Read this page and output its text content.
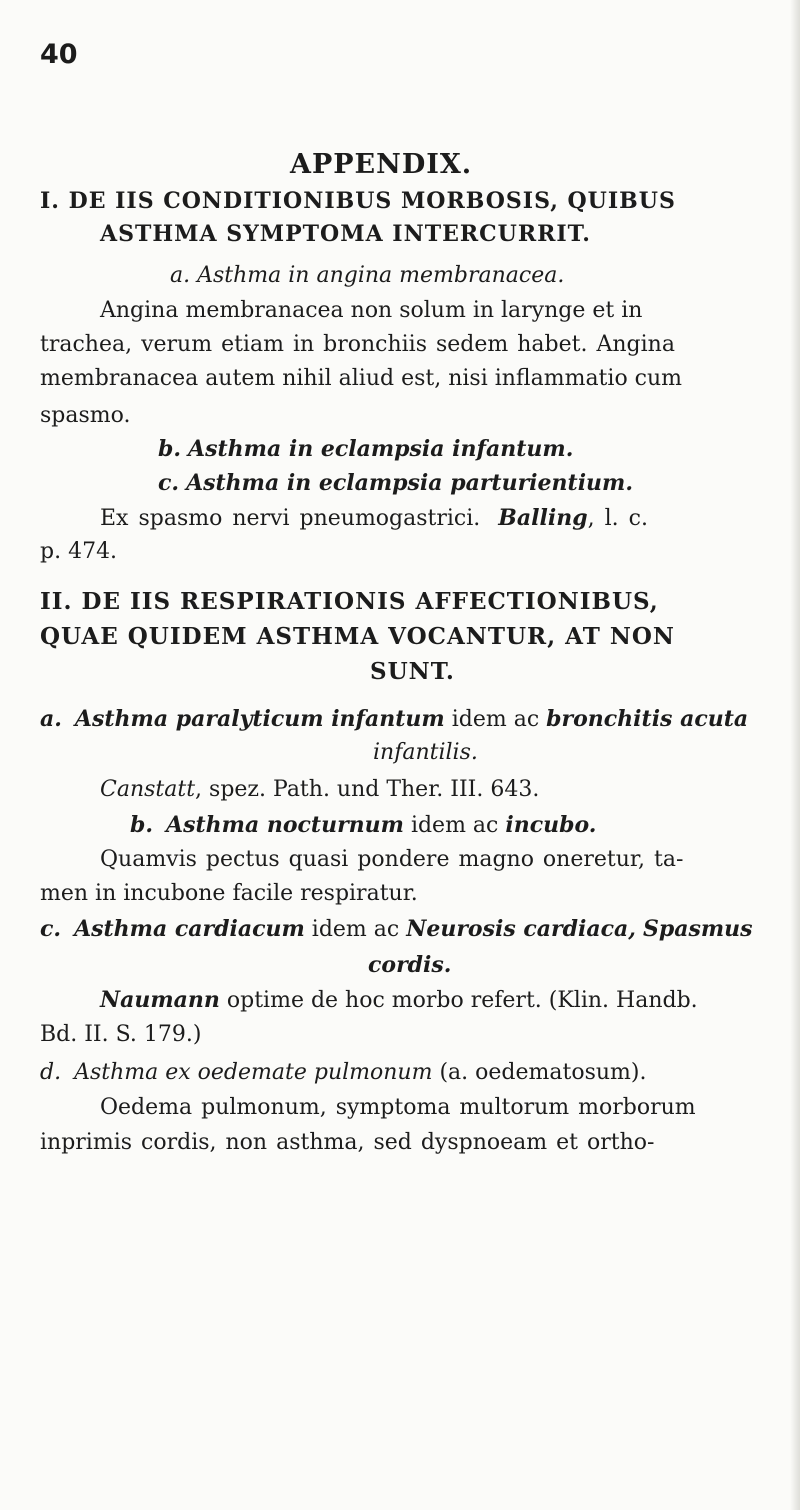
40
APPENDIX.
I. DE IIS CONDITIONIBUS MORBOSIS, QUIBUS
ASTHMA SYMPTOMA INTERCURRIT.
a. Asthma in angina membranacea.
Angina membranacea non solum in larynge et in
trachea, verum etiam in bronchiis sedem habet. Angina
membranacea autem nihil aliud est, nisi inflammatio cum
spasmo.
b. Asthma in eclampsia infantum.
c. Asthma in eclampsia parturientium.
Ex spasmo nervi pneumogastrici. Balling, l. c.
p. 474.
II. DE IIS RESPIRATIONIS AFFECTIONIBUS,
QUAE QUIDEM ASTHMA VOCANTUR, AT NON
SUNT.
a. Asthma paralyticum infantum idem ac bronchitis acuta
infantilis.
Canstatt, spez. Path. und Ther. III. 643.
b. Asthma nocturnum idem ac incubo.
Quamvis pectus quasi pondere magno oneretur, ta-
men in incubone facile respiratur.
c. Asthma cardiacum idem ac Neurosis cardiaca, Spasmus
cordis.
Naumann optime de hoc morbo refert. (Klin. Handb.
Bd. II. S. 179.)
d. Asthma ex oedemate pulmonum (a. oedematosum).
Oedema pulmonum, symptoma multorum morborum
inprimis cordis, non asthma, sed dyspnoeam et ortho-
